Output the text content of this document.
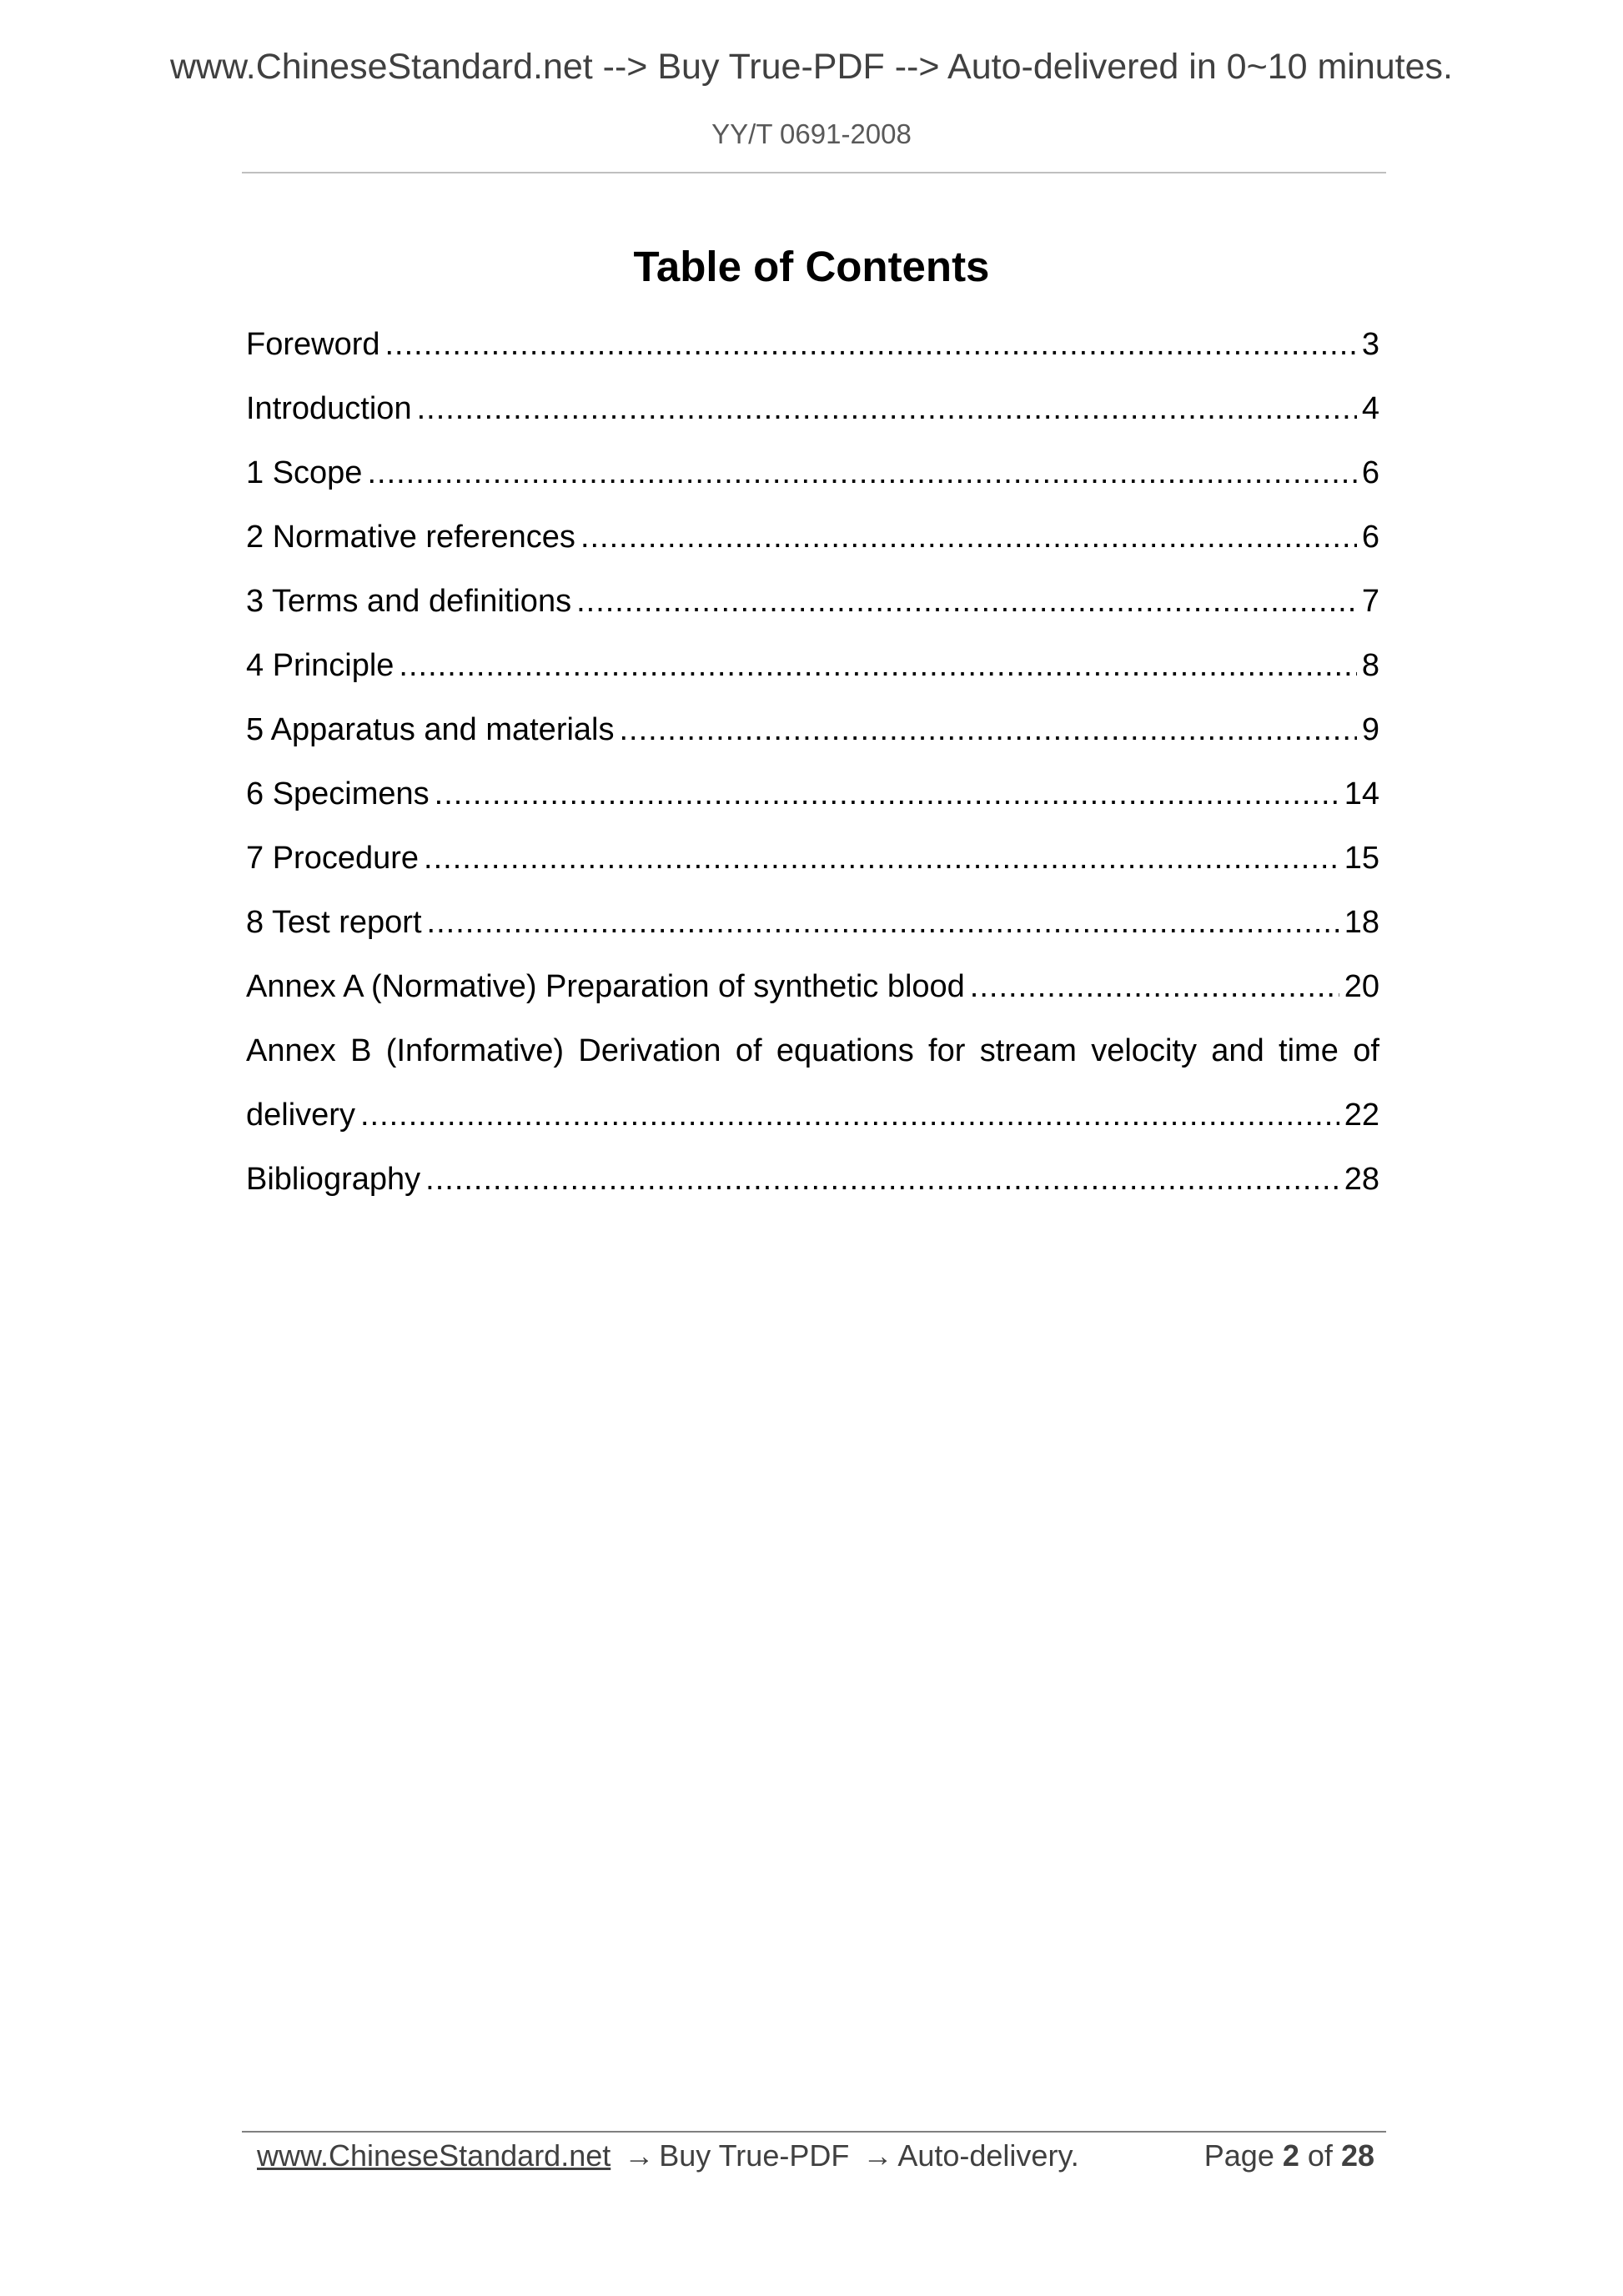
www.ChineseStandard.net --> Buy True-PDF --> Auto-delivered in 0~10 minutes.
YY/T 0691-2008
Table of Contents
Foreword .....	3
Introduction .....	4
1 Scope .....	6
2 Normative references .....	6
3 Terms and definitions .....	7
4 Principle .....	8
5 Apparatus and materials .....	9
6 Specimens .....	14
7 Procedure .....	15
8 Test report .....	18
Annex A (Normative) Preparation of synthetic blood .....	20
Annex B (Informative) Derivation of equations for stream velocity and time of
delivery .....	22
Bibliography .....	28
www.ChineseStandard.net → Buy True-PDF → Auto-delivery.	Page 2 of 28
